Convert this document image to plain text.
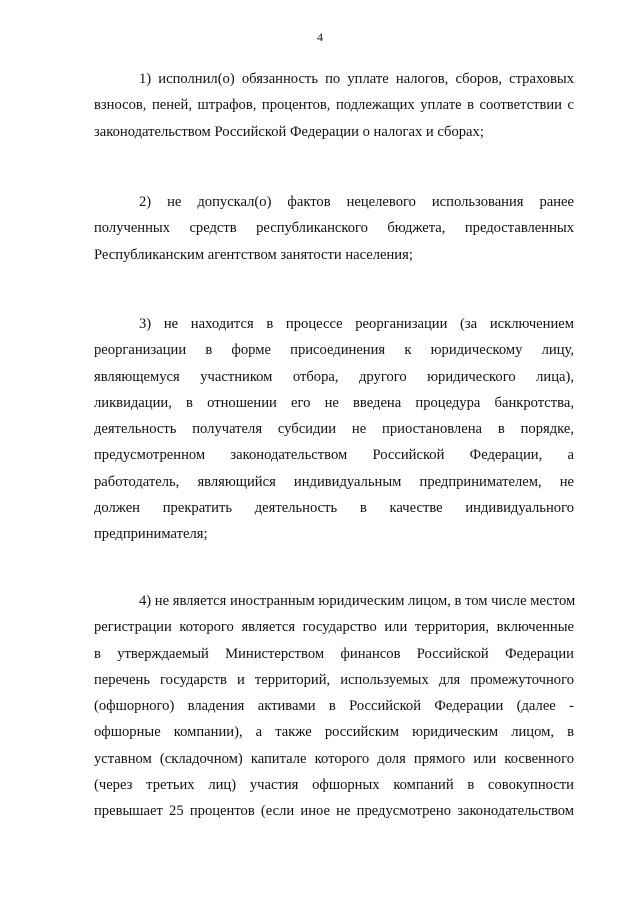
4
1) исполнил(о) обязанность по уплате налогов, сборов, страховых
взносов, пеней, штрафов, процентов, подлежащих уплате в соответствии с
законодательством Российской Федерации о налогах и сборах;
2) не допускал(о) фактов нецелевого использования ранее
полученных средств республиканского бюджета, предоставленных
Республиканским агентством занятости населения;
3) не находится в процессе реорганизации (за исключением
реорганизации в форме присоединения к юридическому лицу,
являющемуся участником отбора, другого юридического лица),
ликвидации, в отношении его не введена процедура банкротства,
деятельность получателя субсидии не приостановлена в порядке,
предусмотренном законодательством Российской Федерации, а
работодатель, являющийся индивидуальным предпринимателем, не
должен прекратить деятельность в качестве индивидуального
предпринимателя;
4) не является иностранным юридическим лицом, в том числе местом
регистрации которого является государство или территория, включенные
в утверждаемый Министерством финансов Российской Федерации
перечень государств и территорий, используемых для промежуточного
(офшорного) владения активами в Российской Федерации (далее -
офшорные компании), а также российским юридическим лицом, в
уставном (складочном) капитале которого доля прямого или косвенного
(через третьих лиц) участия офшорных компаний в совокупности
превышает 25 процентов (если иное не предусмотрено законодательством
